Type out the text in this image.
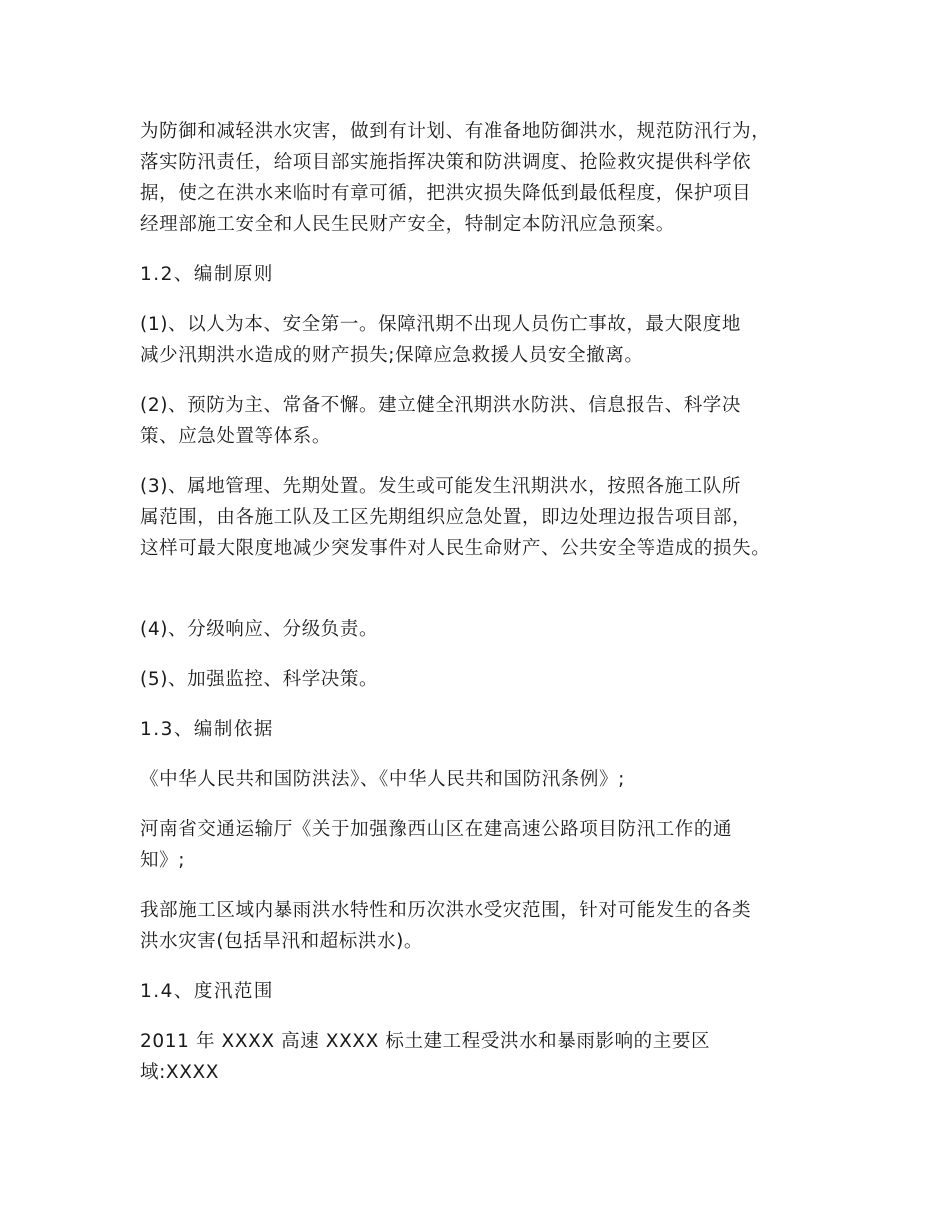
为防御和减轻洪水灾害，做到有计划、有准备地防御洪水，规范防汛行为，
落实防汛责任，给项目部实施指挥决策和防洪调度、抢险救灾提供科学依
据，使之在洪水来临时有章可循，把洪灾损失降低到最低程度，保护项目
经理部施工安全和人民生民财产安全，特制定本防汛应急预案。

1.2、编制原则

(1)、以人为本、安全第一。保障汛期不出现人员伤亡事故，最大限度地
减少汛期洪水造成的财产损失;保障应急救援人员安全撤离。

(2)、预防为主、常备不懈。建立健全汛期洪水防洪、信息报告、科学决
策、应急处置等体系。

(3)、属地管理、先期处置。发生或可能发生汛期洪水，按照各施工队所
属范围，由各施工队及工区先期组织应急处置，即边处理边报告项目部，
这样可最大限度地减少突发事件对人民生命财产、公共安全等造成的损失。

(4)、分级响应、分级负责。

(5)、加强监控、科学决策。

1.3、编制依据

《中华人民共和国防洪法》、《中华人民共和国防汛条例》;

河南省交通运输厅《关于加强豫西山区在建高速公路项目防汛工作的通
知》;

我部施工区域内暴雨洪水特性和历次洪水受灾范围，针对可能发生的各类
洪水灾害(包括旱汛和超标洪水)。

1.4、度汛范围

2011 年 XXXX 高速 XXXX 标土建工程受洪水和暴雨影响的主要区
域:XXXX
